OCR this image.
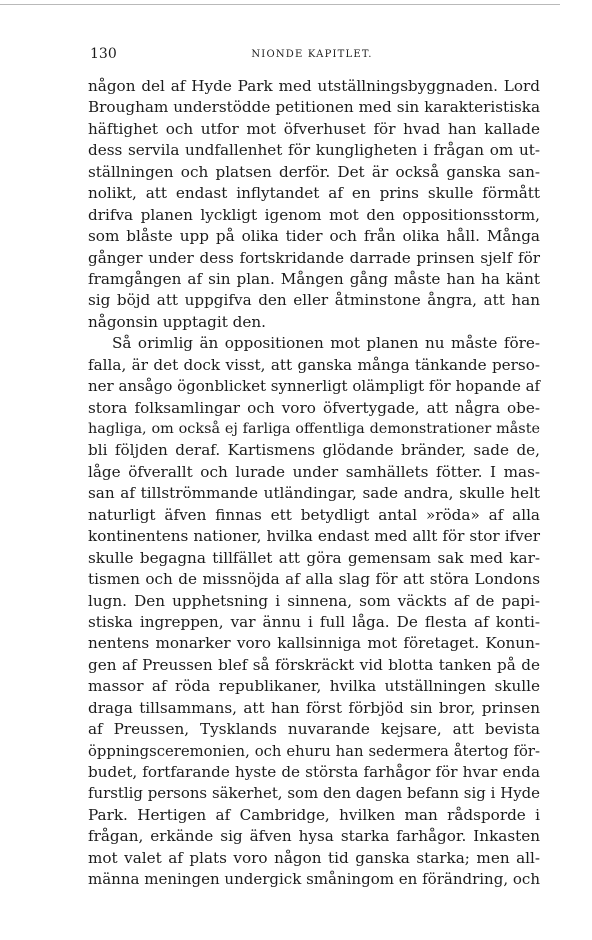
130	NIONDE KAPITLET.
någon del af Hyde Park med utställningsbyggnaden. Lord
Brougham understödde petitionen med sin karakteristiska
häftighet och utfor mot öfverhuset för hvad han kallade
dess servila undfallenhet för kungligheten i frågan om ut-
ställningen och platsen derför. Det är också ganska san-
nolikt, att endast inflytandet af en prins skulle förmått
drifva planen lyckligt igenom mot den oppositionsstorm,
som blåste upp på olika tider och från olika håll. Många
gånger under dess fortskridande darrade prinsen sjelf för
framgången af sin plan. Mången gång måste han ha känt
sig böjd att uppgifva den eller åtminstone ångra, att han
någonsin upptagit den.
Så orimlig än oppositionen mot planen nu måste före-
falla, är det dock visst, att ganska många tänkande perso-
ner ansågo ögonblicket synnerligt olämpligt för hopande af
stora folksamlingar och voro öfvertygade, att några obe-
hagliga, om också ej farliga offentliga demonstrationer måste
bli följden deraf. Kartismens glödande bränder, sade de,
låge öfverallt och lurade under samhällets fötter. I mas-
san af tillströmmande utländingar, sade andra, skulle helt
naturligt äfven finnas ett betydligt antal »röda» af alla
kontinentens nationer, hvilka endast med allt för stor ifver
skulle begagna tillfället att göra gemensam sak med kar-
tismen och de missnöjda af alla slag för att störa Londons
lugn. Den upphetsning i sinnena, som väckts af de papi-
stiska ingreppen, var ännu i full låga. De flesta af konti-
nentens monarker voro kallsinniga mot företaget. Konun-
gen af Preussen blef så förskräckt vid blotta tanken på de
massor af röda republikaner, hvilka utställningen skulle
draga tillsammans, att han först förbjöd sin bror, prinsen
af Preussen, Tysklands nuvarande kejsare, att bevista
öppningsceremonien, och ehuru han sedermera återtog för-
budet, fortfarande hyste de största farhågor för hvar enda
furstlig persons säkerhet, som den dagen befann sig i Hyde
Park. Hertigen af Cambridge, hvilken man rådsporde i
frågan, erkände sig äfven hysa starka farhågor. Inkasten
mot valet af plats voro någon tid ganska starka; men all-
männa meningen undergick småningom en förändring, och
